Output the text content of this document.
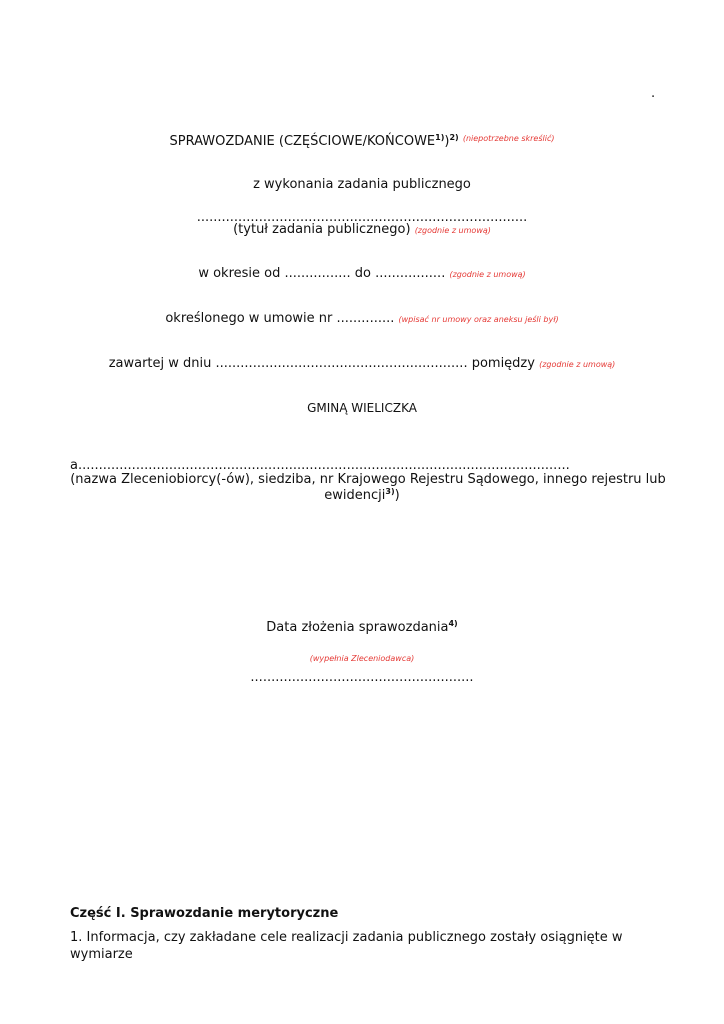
.
SPRAWOZDANIE (CZĘŚCIOWE/KOŃCOWE$^{1)}$)$^{2)}$ $^{(niepotrzebne skreślić)}$
z wykonania zadania publicznego
................................................................................
(tytuł zadania publicznego) (zgodnie z umową)
w okresie od ................ do ................. (zgodnie z umową)
określonego w umowie nr .............. (wpisać nr umowy oraz aneksu jeśli był)
zawartej w dniu ............................................................. pomiędzy (zgodnie z umową)
GMINĄ WIELICZKA
a.......................................................................................................................
(nazwa Zleceniobiorcy(-ów), siedziba, nr Krajowego Rejestru Sądowego, innego rejestru lub
ewidencji$^{3)}$)
Data złożenia sprawozdania$^{4)}$
(wypełnia Zleceniodawca)
......................................................
Część I. Sprawozdanie merytoryczne
1. Informacja, czy zakładane cele realizacji zadania publicznego zostały osiągnięte w wymiarze
